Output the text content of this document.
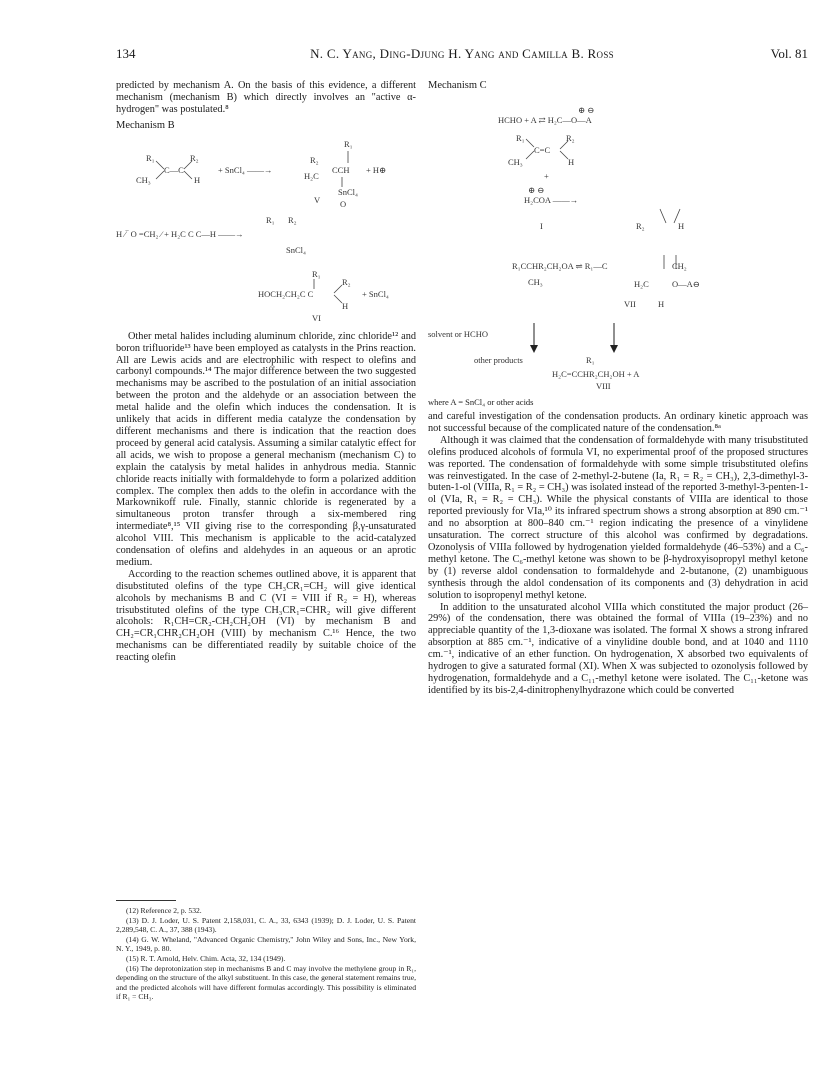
134	N. C. Yang, Ding-Djung H. Yang and Camilla B. Ross	Vol. 81

predicted by mechanism A. On the basis of this evidence, a different mechanism (mechanism B) which directly involves an "active α-hydrogen" was postulated.⁸

Mechanism B
R₁	R₂
C—C
CH₃	H
+ SnCl₄ ——→
R₁
R₂
H₂C
CCH + H⊕
SnCl₄
V O
R₁ R₂
H ⁄‾ O =CH₂ ⁄ + H₂C C C—H ——→
SnCl₄
R₁
R₂
HOCH₂CH₂C C
H
+ SnCl₄
VI

Other metal halides including aluminum chloride, zinc chloride¹² and boron trifluoride¹³ have been employed as catalysts in the Prins reaction. All are Lewis acids and are electrophilic with respect to olefins and carbonyl compounds.¹⁴ The major difference between the two suggested mechanisms may be ascribed to the postulation of an initial association between the proton and the aldehyde or an association between the metal halide and the olefin which induces the condensation. It is unlikely that acids in different media catalyze the condensation by different mechanisms and there is indication that the reaction does proceed by general acid catalysis. Assuming a similar catalytic effect for all acids, we wish to propose a general mechanism (mechanism C) to explain the catalysis by metal halides in anhydrous media. Stannic chloride reacts initially with formaldehyde to form a polarized addition complex. The complex then adds to the olefin in accordance with the Markownikoff rule. Finally, stannic chloride is regenerated by a simultaneous proton transfer through a six-membered ring intermediate⁸,¹⁵ VII giving rise to the corresponding β,γ-unsaturated alcohol VIII. This mechanism is applicable to the acid-catalyzed condensation of olefins and aldehydes in an aqueous or an aprotic medium.

According to the reaction schemes outlined above, it is apparent that disubstituted olefins of the type CH₃CR₁=CH₂ will give identical alcohols by mechanisms B and C (VI = VIII if R₂ = H), whereas trisubstituted olefins of the type CH₃CR₁=CHR₂ will give different alcohols: R₁CH=CR₂-CH₂CH₂OH (VI) by mechanism B and CH₂=CR₁CHR₂CH₂OH (VIII) by mechanism C.¹⁶ Hence, the two mechanisms can be differentiated readily by suitable choice of the reacting olefin

(12) Reference 2, p. 532.

(13) D. J. Loder, U. S. Patent 2,158,031, C. A., 33, 6343 (1939); D. J. Loder, U. S. Patent 2,289,548, C. A., 37, 388 (1943).

(14) G. W. Wheland, "Advanced Organic Chemistry," John Wiley and Sons, Inc., New York, N. Y., 1949, p. 80.

(15) R. T. Arnold, Helv. Chim. Acta, 32, 134 (1949).

(16) The deprotonization step in mechanisms B and C may involve the methylene group in R₁, depending on the structure of the alkyl substituent. In this case, the general statement remains true, and the predicted alcohols will have different formulas accordingly. This possibility is eliminated if R₁ = CH₃.

Mechanism C
HCHO + A ⇄ H₂C—O—A
⊕ ⊖
R₁	R₂
C=C
CH₃	H
+
⊕ ⊖
H₂COA ——→
I	R₂	H
R₁CCHR₂CH₂OA ⇌ R₁—C
CH₃
CH₂
H₂C	O—A⊖
VII	H
solvent or HCHO
other products	R₁
H₂C=CCHR₂CH₂OH + A
VIII
where A = SnCl₄ or other acids

and careful investigation of the condensation products. An ordinary kinetic approach was not successful because of the complicated nature of the condensation.⁸ᵃ

Although it was claimed that the condensation of formaldehyde with many trisubstituted olefins produced alcohols of formula VI, no experimental proof of the proposed structures was reported. The condensation of formaldehyde with some simple trisubstituted olefins was reinvestigated. In the case of 2-methyl-2-butene (Ia, R₁ = R₂ = CH₃), 2,3-dimethyl-3-buten-1-ol (VIIIa, R₁ = R₂ = CH₃) was isolated instead of the reported 3-methyl-3-penten-1-ol (VIa, R₁ = R₂ = CH₃). While the physical constants of VIIIa are identical to those reported previously for VIa,¹⁰ its infrared spectrum shows a strong absorption at 890 cm.⁻¹ and no absorption at 800–840 cm.⁻¹ region indicating the presence of a vinylidene unsaturation. The correct structure of this alcohol was confirmed by degradations. Ozonolysis of VIIIa followed by hydrogenation yielded formaldehyde (46–53%) and a C₆-methyl ketone. The C₆-methyl ketone was shown to be β-hydroxyisopropyl methyl ketone by (1) reverse aldol condensation to formaldehyde and 2-butanone, (2) unambiguous synthesis through the aldol condensation of its components and (3) dehydration in acid solution to isopropenyl methyl ketone.

In addition to the unsaturated alcohol VIIIa which constituted the major product (26–29%) of the condensation, there was obtained the formal of VIIIa (19–23%) and no appreciable quantity of the 1,3-dioxane was isolated. The formal X shows a strong infrared absorption at 885 cm.⁻¹, indicative of a vinylidine double bond, and at 1040 and 1110 cm.⁻¹, indicative of an ether function. On hydrogenation, X absorbed two equivalents of hydrogen to give a saturated formal (XI). When X was subjected to ozonolysis followed by hydrogenation, formaldehyde and a C₁₁-methyl ketone were isolated. The C₁₁-ketone was identified by its bis-2,4-dinitrophenylhydrazone which could be converted
